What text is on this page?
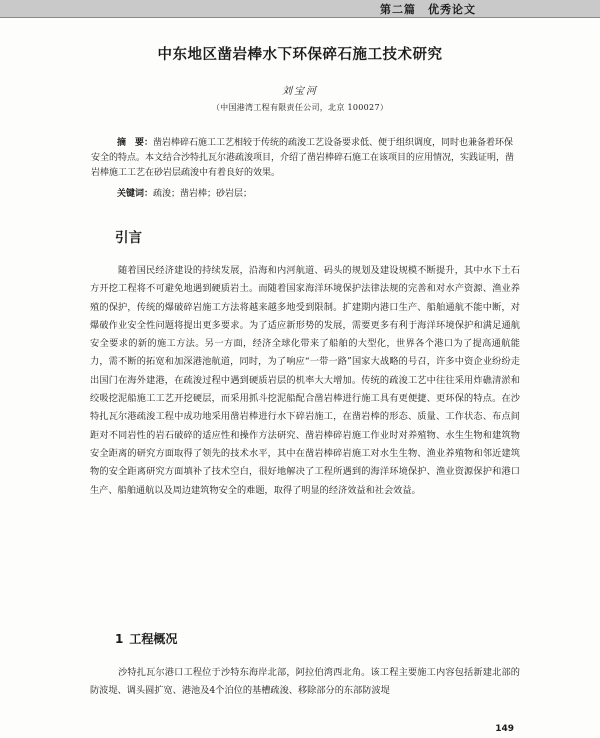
第二篇　优秀论文
中东地区凿岩棒水下环保碎石施工技术研究
刘宝河
（中国港湾工程有限责任公司，北京 100027）
摘　要：凿岩棒碎石施工工艺相较于传统的疏浚工艺设备要求低、便于组织调度，同时也兼备着环保安全的特点。本文结合沙特扎瓦尔港疏浚项目，介绍了凿岩棒碎石施工在该项目的应用情况，实践证明，凿岩棒施工工艺在砂岩层疏浚中有着良好的效果。
关键词：疏浚；凿岩棒；砂岩层；
引言

随着国民经济建设的持续发展，沿海和内河航道、码头的规划及建设规模不断提升，其中水下土石方开挖工程将不可避免地遇到硬质岩土。而随着国家海洋环境保护法律法规的完善和对水产资源、渔业养殖的保护，传统的爆破碎岩施工方法将越来越多地受到限制。扩建期内港口生产、船舶通航不能中断，对爆破作业安全性问题将提出更多要求。为了适应新形势的发展，需要更多有利于海洋环境保护和满足通航安全要求的新的施工方法。另一方面，经济全球化带来了船舶的大型化，世界各个港口为了提高通航能力，需不断的拓宽和加深港池航道，同时，为了响应“一带一路”国家大战略的号召，许多中资企业纷纷走出国门在海外建港，在疏浚过程中遇到硬质岩层的机率大大增加。传统的疏浚工艺中往往采用炸礁清淤和绞吸挖泥船施工工艺开挖硬层，而采用抓斗挖泥船配合凿岩棒进行施工具有更便捷、更环保的特点。在沙特扎瓦尔港疏浚工程中成功地采用凿岩棒进行水下碎岩施工，在凿岩棒的形态、质量、工作状态、布点间距对不同岩性的岩石破碎的适应性和操作方法研究、凿岩棒碎岩施工作业时对养殖物、水生生物和建筑物安全距离的研究方面取得了领先的技术水平，其中在凿岩棒碎岩施工对水生生物、渔业养殖物和邻近建筑物的安全距离研究方面填补了技术空白，很好地解决了工程所遇到的海洋环境保护、渔业资源保护和港口生产、船舶通航以及周边建筑物安全的难题，取得了明显的经济效益和社会效益。

1 工程概况

沙特扎瓦尔港口工程位于沙特东海岸北部，阿拉伯湾西北角。该工程主要施工内容包括新建北部的防波堤、调头圆扩宽、港池及4个泊位的基槽疏浚、移除部分的东部防波堤

149
